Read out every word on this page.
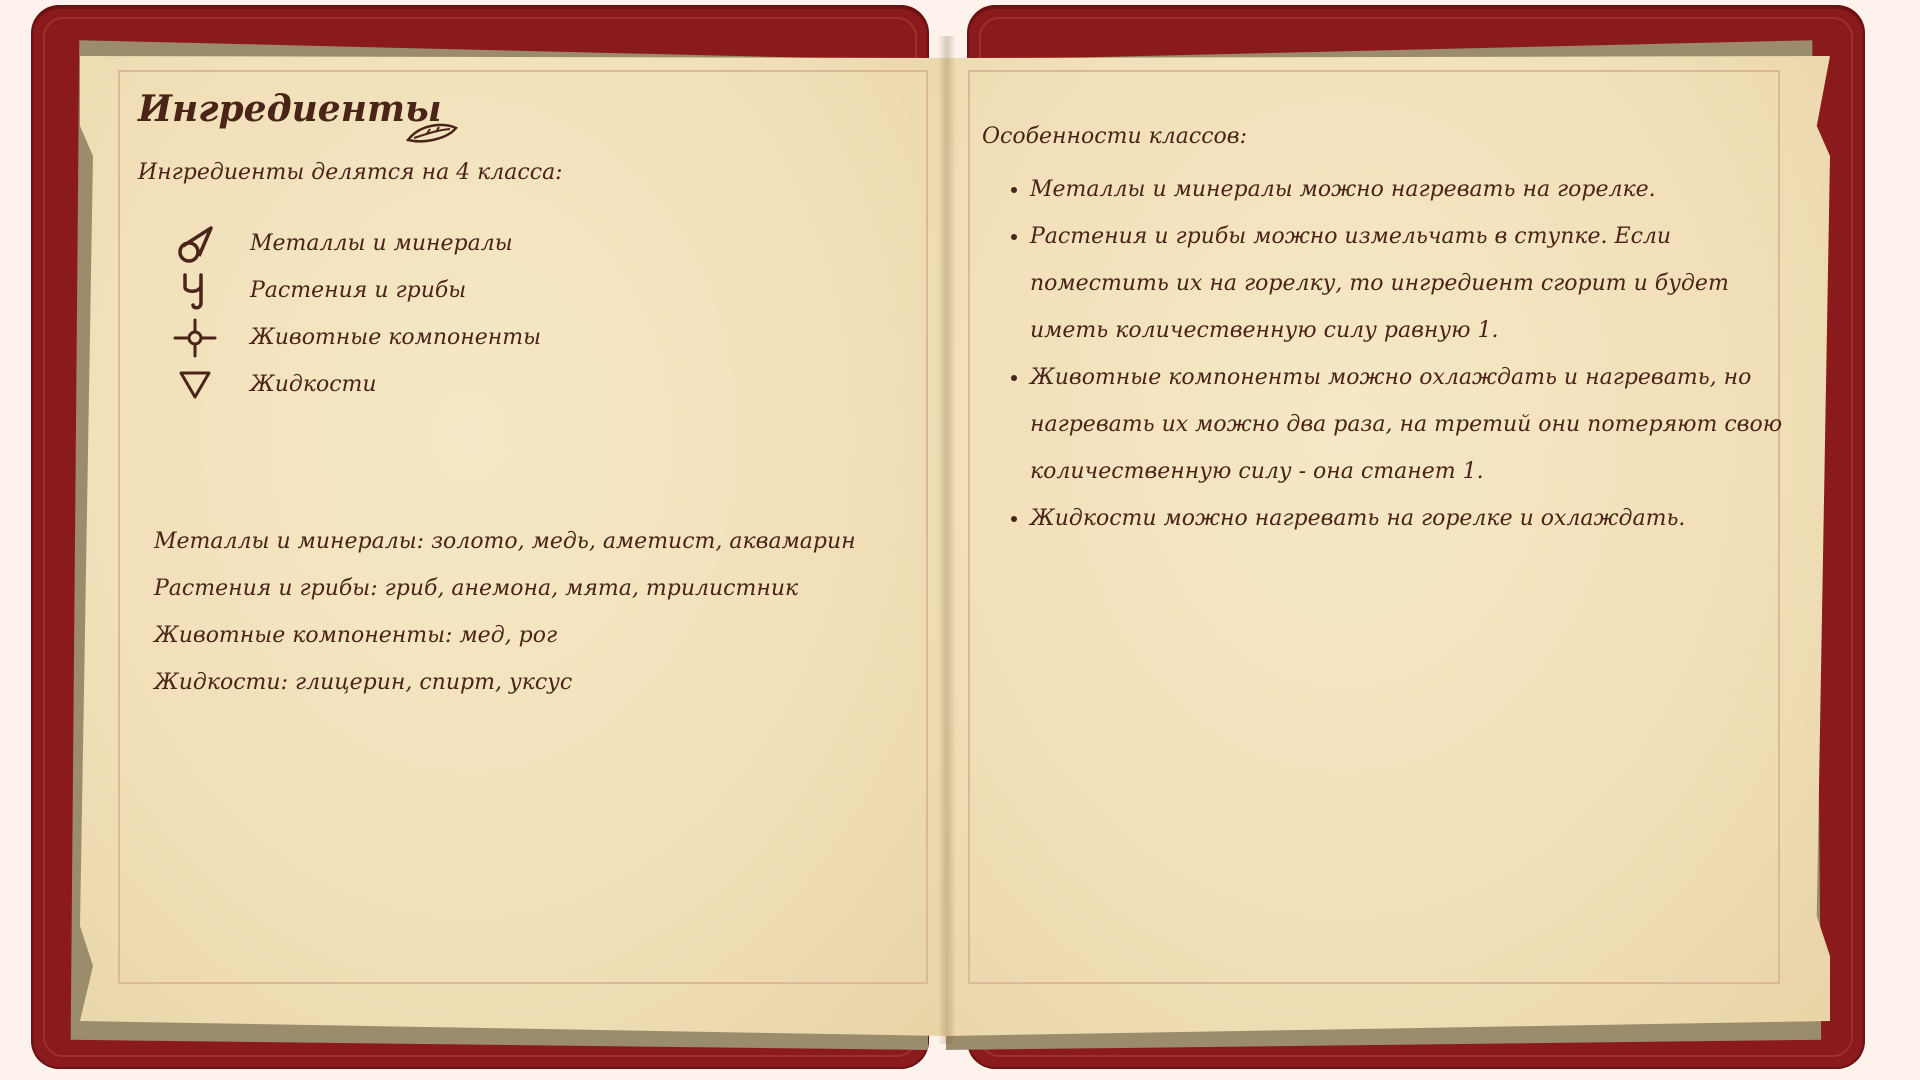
Ингредиенты
Ингредиенты делятся на 4 класса:
Металлы и минералы
Растения и грибы
Животные компоненты
Жидкости
Металлы и минералы: золото, медь, аметист, аквамарин
Растения и грибы: гриб, анемона, мята, трилистник
Животные компоненты: мед, рог
Жидкости: глицерин, спирт, уксус
Особенности классов:
• Металлы и минералы можно нагревать на горелке.
• Растения и грибы можно измельчать в ступке. Если поместить их на горелку, то ингредиент сгорит и будет иметь количественную силу равную 1.
• Животные компоненты можно охлаждать и нагревать, но нагревать их можно два раза, на третий они потеряют свою количественную силу - она станет 1.
• Жидкости можно нагревать на горелке и охлаждать.
